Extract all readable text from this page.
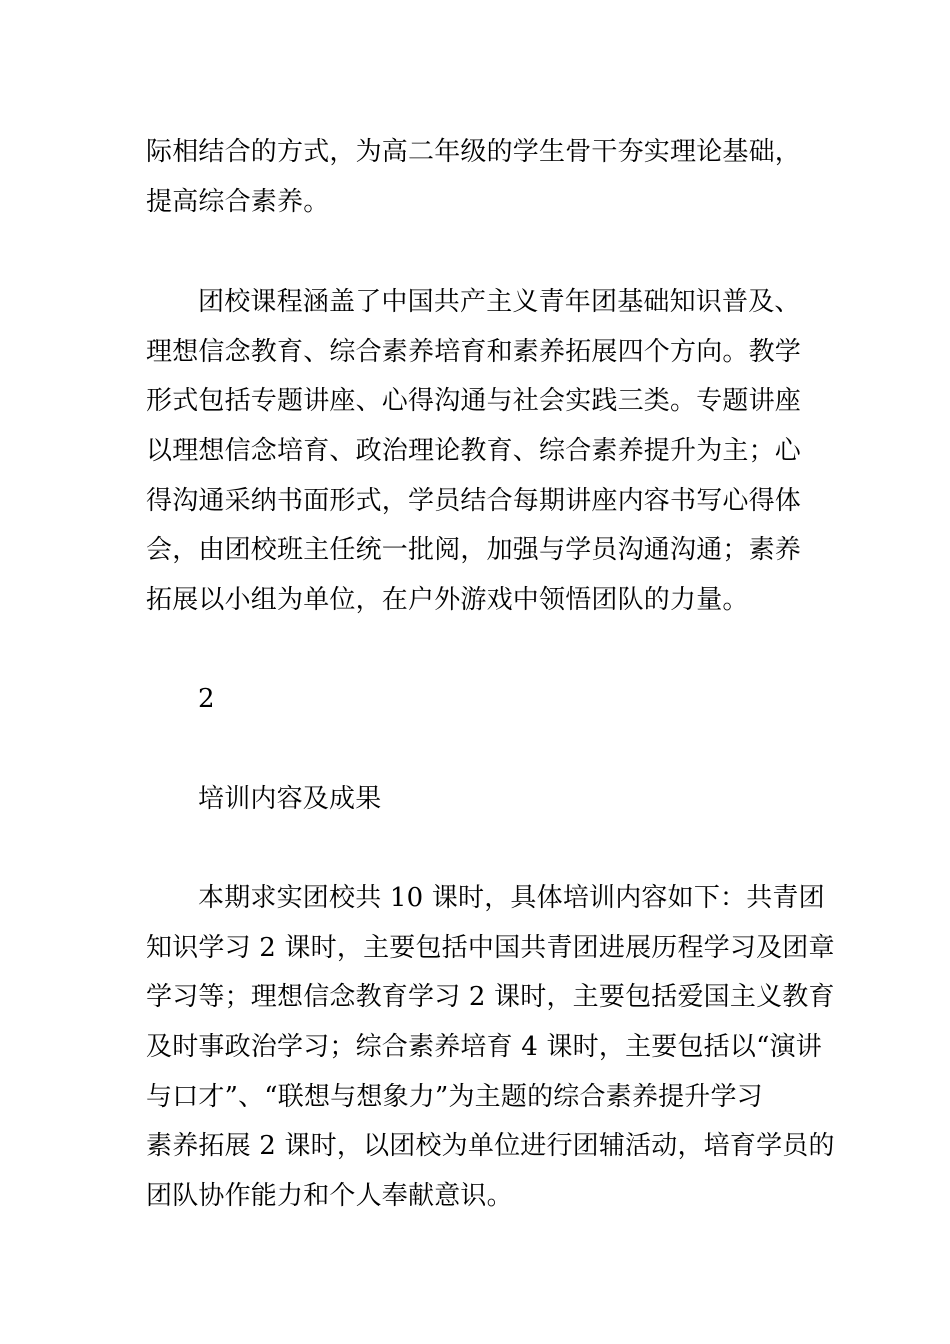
际相结合的方式，为高二年级的学生骨干夯实理论基础，
提高综合素养。
团校课程涵盖了中国共产主义青年团基础知识普及、
理想信念教育、综合素养培育和素养拓展四个方向。教学
形式包括专题讲座、心得沟通与社会实践三类。专题讲座
以理想信念培育、政治理论教育、综合素养提升为主；心
得沟通采纳书面形式，学员结合每期讲座内容书写心得体
会，由团校班主任统一批阅，加强与学员沟通沟通；素养
拓展以小组为单位，在户外游戏中领悟团队的力量。
2
培训内容及成果
本期求实团校共 10 课时，具体培训内容如下：共青团
知识学习 2 课时，主要包括中国共青团进展历程学习及团章
学习等；理想信念教育学习 2 课时，主要包括爱国主义教育
及时事政治学习；综合素养培育 4 课时，主要包括以“演讲
与口才”、“联想与想象力”为主题的综合素养提升学习
素养拓展 2 课时，以团校为单位进行团辅活动，培育学员的
团队协作能力和个人奉献意识。
